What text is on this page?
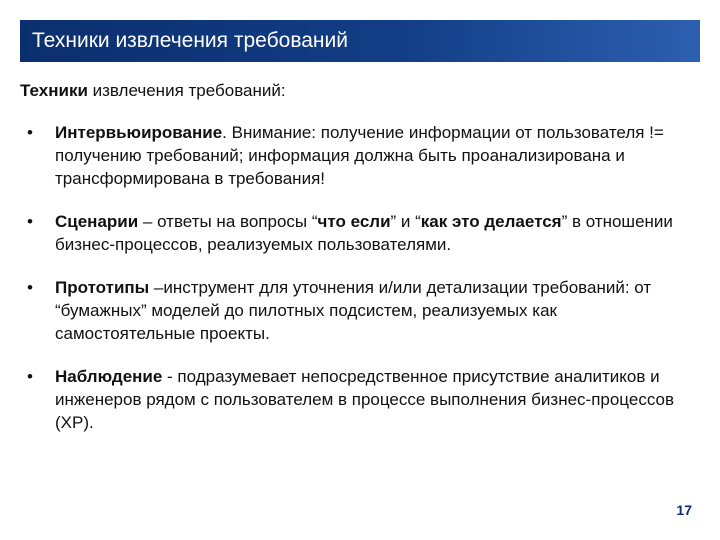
Техники извлечения требований
Техники извлечения требований:
• Интервьюирование. Внимание: получение информации от пользователя != получению требований; информация должна быть проанализирована и трансформирована в требования!
• Сценарии – ответы на вопросы “что если” и “как это делается” в отношении бизнес-процессов, реализуемых пользователями.
• Прототипы –инструмент для уточнения и/или детализации требований: от “бумажных” моделей до пилотных подсистем, реализуемых как самостоятельные проекты.
• Наблюдение - подразумевает непосредственное присутствие аналитиков и инженеров рядом с пользователем в процессе выполнения бизнес-процессов (XP).
17
